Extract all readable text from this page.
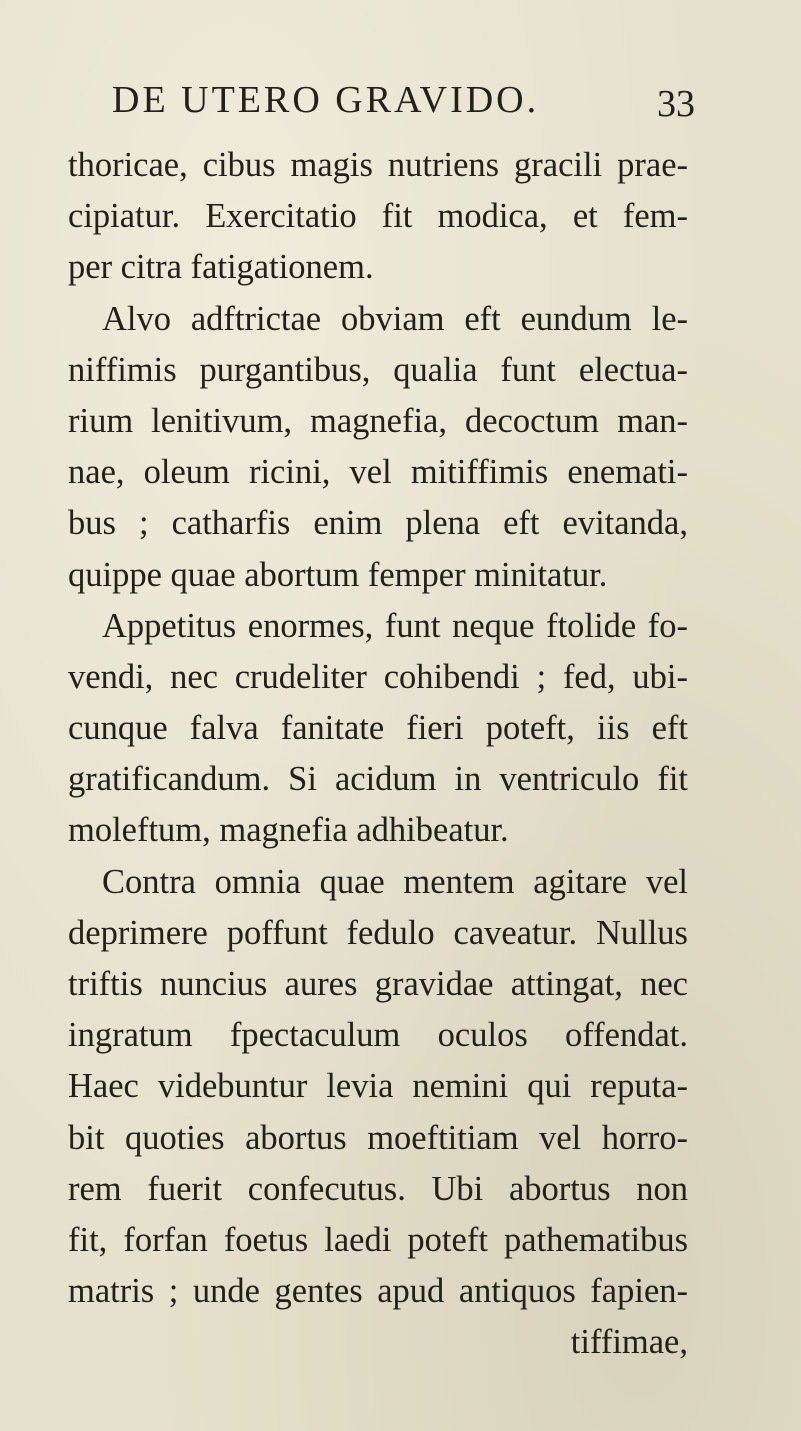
DE UTERO GRAVIDO.	33
thoricae, cibus magis nutriens gracili prae-
cipiatur. Exercitatio fit modica, et fem-
per citra fatigationem.
Alvo adftrictae obviam eft eundum le-
niffimis purgantibus, qualia funt electua-
rium lenitivum, magnefia, decoctum man-
nae, oleum ricini, vel mitiffimis enemati-
bus ; catharfis enim plena eft evitanda,
quippe quae abortum femper minitatur.
Appetitus enormes, funt neque ftolide fo-
vendi, nec crudeliter cohibendi ; fed, ubi-
cunque falva fanitate fieri poteft, iis eft
gratificandum. Si acidum in ventriculo fit
moleftum, magnefia adhibeatur.
Contra omnia quae mentem agitare vel
deprimere poffunt fedulo caveatur. Nullus
triftis nuncius aures gravidae attingat, nec
ingratum fpectaculum oculos offendat.
Haec videbuntur levia nemini qui reputa-
bit quoties abortus moeftitiam vel horro-
rem fuerit confecutus. Ubi abortus non
fit, forfan foetus laedi poteft pathematibus
matris ; unde gentes apud antiquos fapien-
tiffimae,
